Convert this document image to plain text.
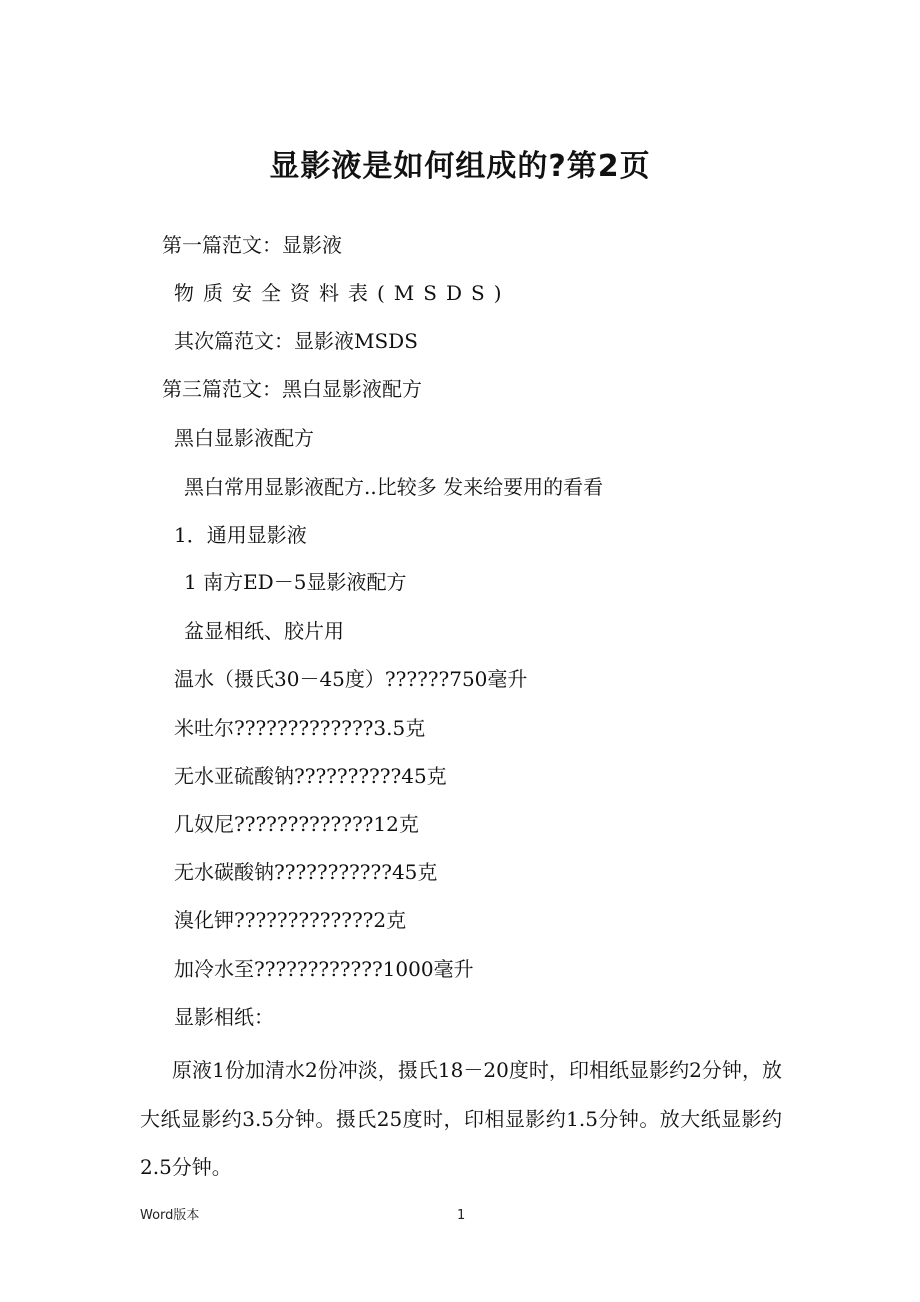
显影液是如何组成的?第2页
第一篇范文：显影液
物质安全资料表(MSDS)
其次篇范文：显影液MSDS
第三篇范文：黑白显影液配方
黑白显影液配方
黑白常用显影液配方..比较多 发来给要用的看看
1．通用显影液
1 南方ED－5显影液配方
盆显相纸、胶片用
温水（摄氏30－45度）??????750毫升
米吐尔?????????????3.5克
无水亚硫酸钠??????????45克
几奴尼?????????????12克
无水碳酸钠???????????45克
溴化钾?????????????2克
加冷水至????????????1000毫升
显影相纸：
原液1份加清水2份冲淡，摄氏18－20度时，印相纸显影约2分钟，放大纸显影约3.5分钟。摄氏25度时，印相显影约1.5分钟。放大纸显影约2.5分钟。
Word版本	1
